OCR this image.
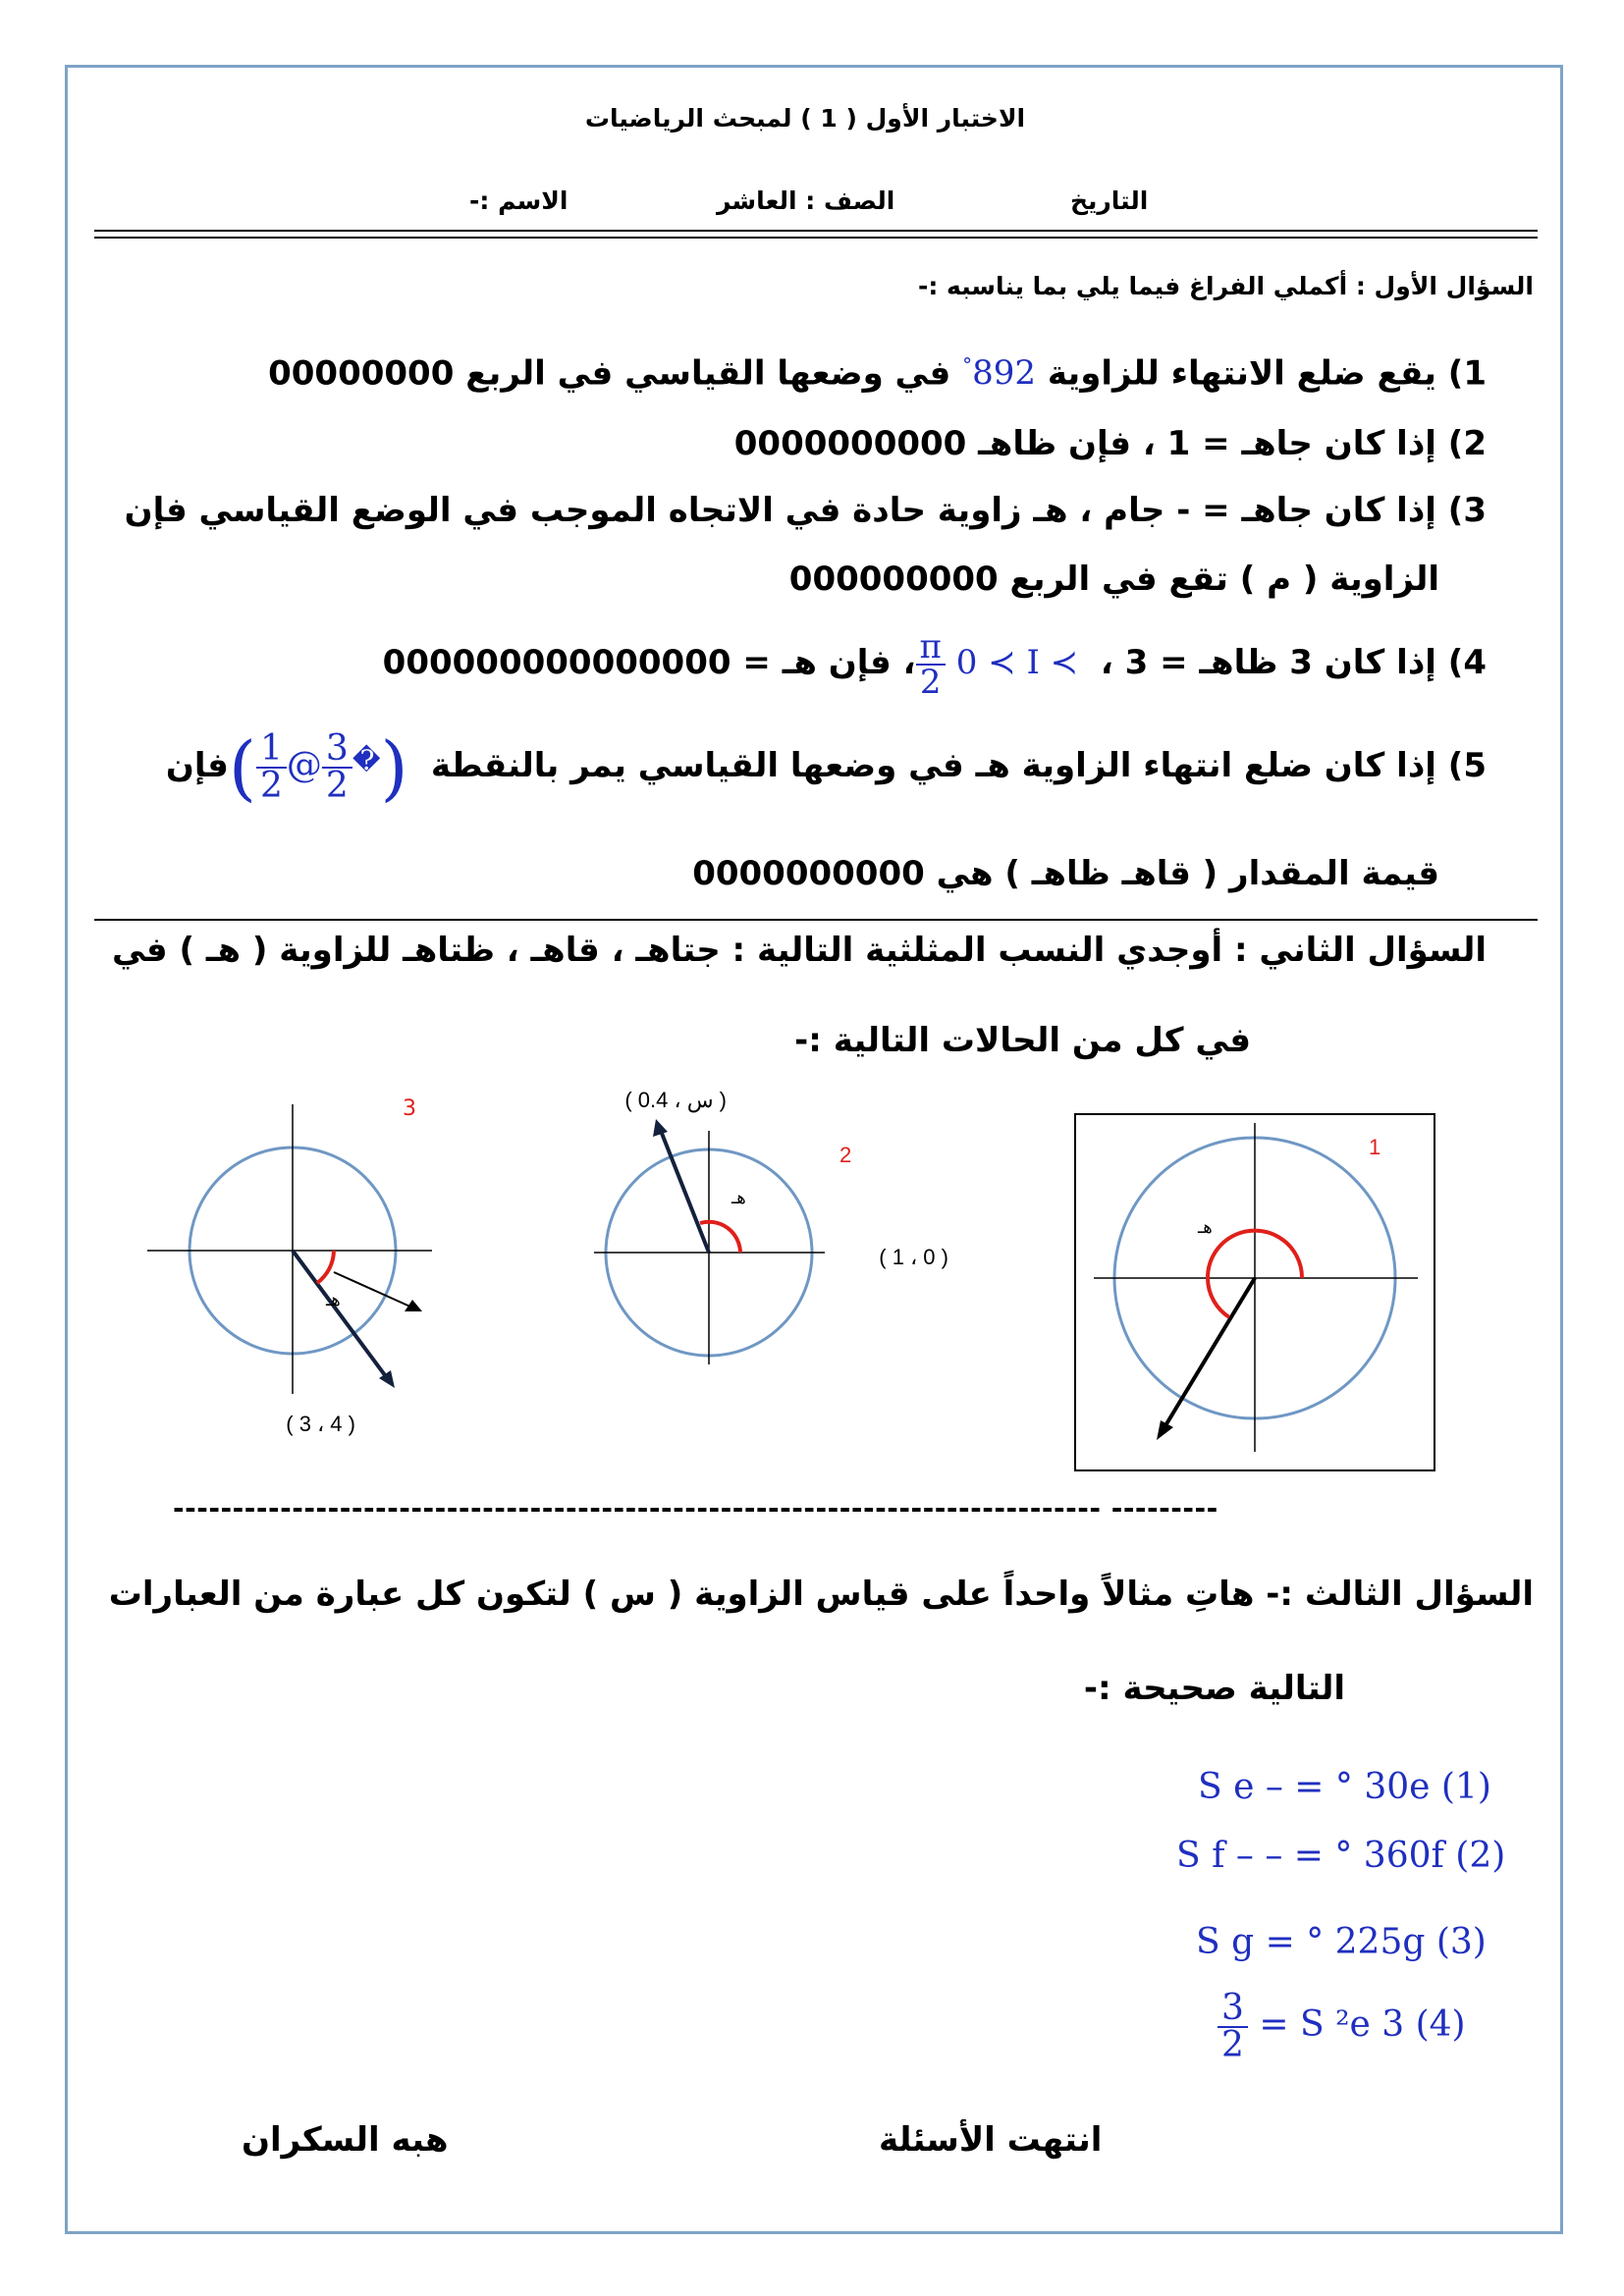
الاختبار الأول ( 1 ) لمبحث الرياضيات
التاريخ
الصف : العاشر
الاسم :-
السؤال الأول : أكملي الفراغ فيما يلي بما يناسبه :-
1) يقع ضلع الانتهاء للزاوية 892° في وضعها القياسي في الربع 00000000
2) إذا كان جاهـ = 1 ، فإن ظاهـ 0000000000
3) إذا كان جاهـ = - جام ، هـ زاوية حادة في الاتجاه الموجب في الوضع القياسي فإن
الزاوية ( م ) تقع في الربع 000000000
4) إذا كان 3 ظاهـ = 3 ،
$\frac{\pi}{2} 0$ ≺ I ≺ ، فإن هـ = 000000000000000
5) إذا كان ضلع انتهاء الزاوية هـ في وضعها القياسي يمر بالنقطة ( $\frac{1}{2}$ @ $\frac{3}{2} ^�$) فإن
قيمة المقدار ( قاهـ ظاهـ ) هي 0000000000
السؤال الثاني : أوجدي النسب المثلثية التالية : جتاهـ ، قاهـ ، ظتاهـ للزاوية ( هـ ) في
في كل من الحالات التالية :-
3
هـ
( 4 ، 3 )
( س ، 0.4 )
2
هـ
( 0 ، 1 )
1
هـ
------------------------------------------------------------------------------ ---------
السؤال الثالث :- هاتِ مثالاً واحداً على قياس الزاوية ( س ) لتكون كل عبارة من العبارات
التالية صحيحة :-
S e – = ° 30e (1)
S f – – = ° 360f (2)
S g = ° 225g (3)
$\frac{3}{2} = S$ ²e 3 (4)
انتهت الأسئلة
هبه السكران
